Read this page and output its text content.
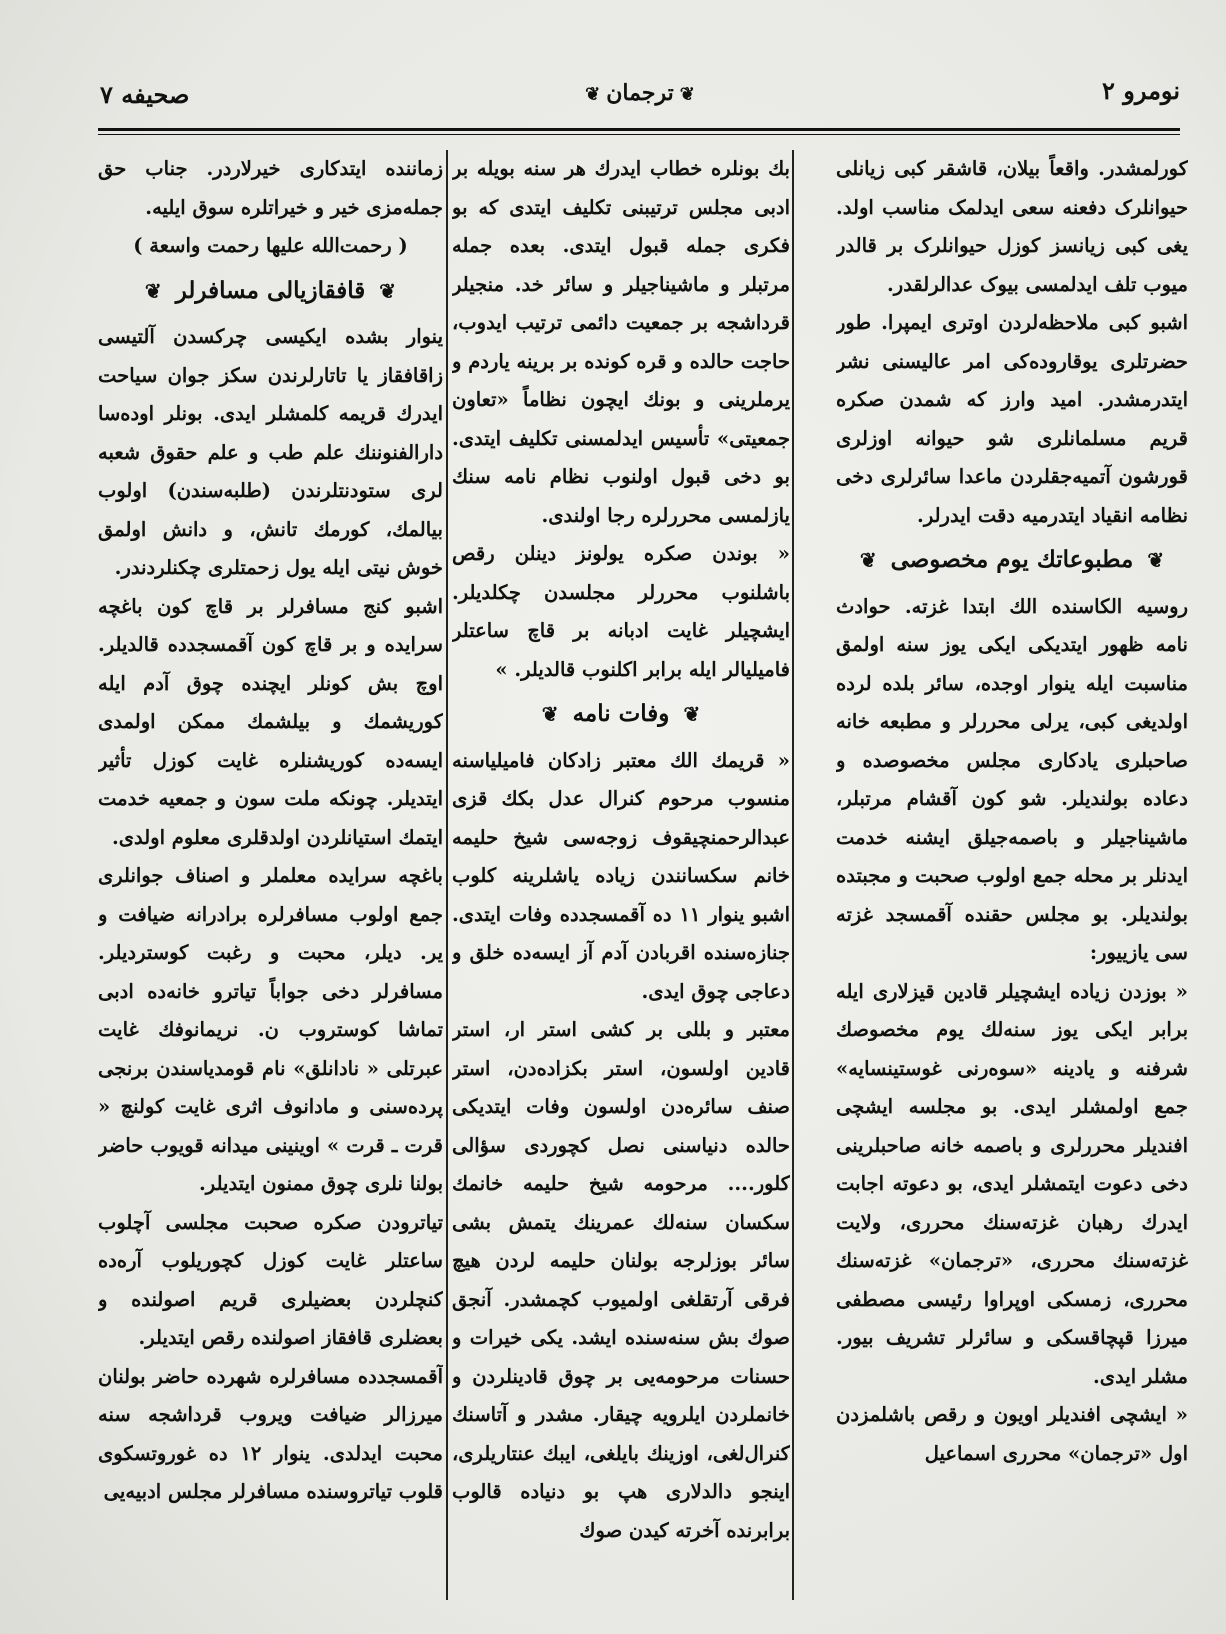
نومرو ۲
❦ترجمان❦
صحیفه ۷

کورلمشدر. واقعاً بیلان، قاشقر کبی زیانلی حیوانلرک دفعنه سعی ایدلمک مناسب اولد. یغی کبی زیانسز کوزل حیوانلرک بر قالدر میوب تلف ایدلمسی بیوک عدالرلقدر.

اشبو کبی ملاحظه‌لردن اوتری ایمپرا. طور حضرتلری یوقاروده‌کی امر عالیسنی نشر ایتدرمشدر. امید وارز که شمدن صکره قریم مسلمانلری شو حیوانه اوزلری قورشون آتمیه‌جقلردن ماعدا سائرلری دخی نظامه انقیاد ایتدرمیه دقت ایدرلر.

❦ مطبوعاتك یوم مخصوصی ❦

روسیه الکاسنده الك ابتدا غزته. حوادث نامه ظهور ایتدیکی ایکی یوز سنه اولمق مناسبت ایله ینوار اوجده، سائر بلده لرده اولدیغی کبی، یرلی محررلر و مطبعه خانه صاحبلری یادکاری مجلس مخصوصده و دعاده بولندیلر. شو کون آقشام مرتبلر، ماشیناجیلر و باصمه‌جیلق ایشنه خدمت ایدنلر بر محله جمع اولوب صحبت و مجبتده بولندیلر. بو مجلس حقنده آقمسجد غزته سی یازییور:

« بوزدن زیاده ایشچیلر قادین قیزلاری ایله برابر ایکی یوز سنه‌لك یوم مخصوصك شرفنه و یادینه «سوەرنی غوستینسایه» جمع اولمشلر ایدی. بو مجلسه ایشچی افندیلر محررلری و باصمه خانه صاحبلرینی دخی دعوت ایتمشلر ایدی، بو دعوته اجابت ایدرك رهبان غزته‌سنك محرری، ولایت غزته‌سنك محرری، «ترجمان» غزته‌سنك محرری، زمسکی اوپراوا رئیسی مصطفی میرزا قپچاقسکی و سائرلر تشریف بیور. مشلر ایدی.

« ایشچی افندیلر اویون و رقص باشلمزدن اول «ترجمان» محرری اسماعیل

بك بونلره خطاب ایدرك هر سنه بویله بر ادبی مجلس ترتیبنی تکلیف ایتدی كه بو فكری جمله قبول ایتدی. بعده جمله مرتبلر و ماشیناجیلر و سائر خد. منجیلر قرداشجه بر جمعیت دائمی ترتیب ایدوب، حاجت حالده و قره کونده بر برینه یاردم و یرملرینی و بونك ایچون نظاماً «تعاون جمعیتی» تأسیس ایدلمسنی تکلیف ایتدی. بو دخی قبول اولنوب نظام نامه سنك یازلمسی محررلره رجا اولندی.

« بوندن صکره یولونز دینلن رقص باشلنوب محررلر مجلسدن چکلدیلر. ایشچیلر غایت ادبانه بر قاچ ساعتلر فامیلیالر ایله برابر اکلنوب قالدیلر. »

❦ وفات نامه ❦

« قریمك الك معتبر زادکان فامیلیاسنه منسوب مرحوم کنرال عدل بکك قزی عبدالرحمنچیقوف زوجه‌سی شیخ حلیمه خانم سکسانندن زیاده یاشلرینه کلوب اشبو ینوار ۱۱ ده آقمسجدده وفات ایتدی. جنازه‌سنده اقربادن آدم آز ایسه‌ده خلق و دعاجی چوق ایدی.

معتبر و بللی بر کشی استر ار، استر قادین اولسون، استر بکزاده‌دن، استر صنف سائره‌دن اولسون وفات ایتدیکی حالده دنیاسنی نصل کچوردی سؤالی کلور.... مرحومه شیخ حلیمه خانمك سکسان سنه‌لك عمرینك یتمش بشی سائر بوزلرجه بولنان حلیمه لردن هیچ فرقی آرتقلغی اولمیوب کچمشدر. آنجق صوك بش سنه‌سنده ایشد. یکی خیرات و حسنات مرحومه‌یی بر چوق قادینلردن و خانملردن ایلرویه چیقار. مشدر و آتاسنك کنرال‌لغی، اوزینك بایلغی، ایبك عنتاریلری، اینجو دالدلاری هپ بو دنیاده قالوب برابرنده آخرته کیدن صوك

زماننده ایتدکاری خیرلاردر. جناب حق جمله‌مزی خیر و خیراتلره سوق ایلیه.

( رحمت‌الله علیها رحمت واسعة )

❦ قافقازیالی مسافرلر ❦

ینوار بشده ایکیسی چرکسدن آلتیسی زاقافقاز یا تاتارلرندن سکز جوان سیاحت ایدرك قریمه کلمشلر ایدی. بونلر اوده‌سا دارالفنوننك علم طب و علم حقوق شعبه لری ستودنتلرندن (طلبه‌سندن) اولوب بیالمك، کورمك تانش، و دانش اولمق خوش نیتی ایله یول زحمتلری چکنلردندر.

اشبو کنج مسافرلر بر قاچ کون باغچه سرایده و بر قاچ کون آقمسجدده قالدیلر. اوچ بش کونلر ایچنده چوق آدم ایله کوریشمك و بیلشمك ممکن اولمدی ایسه‌ده کوریشنلره غایت کوزل تأثیر ایتدیلر. چونکه ملت سون و جمعیه خدمت ایتمك استیانلردن اولدقلری معلوم اولدی.

باغچه سرایده معلملر و اصناف جوانلری جمع اولوب مسافرلره برادرانه ضیافت و یر. دیلر، محبت و رغبت کوستردیلر. مسافرلر دخی جواباً تیاترو خانه‌ده ادبی تماشا کوستروب ن. نریمانوفك غایت عبرتلی « نادانلق» نام قومدیاسندن برنجی پرده‌سنی و مادانوف اثری غایت کولنچ « قرت ـ قرت » اوینینی میدانه قویوب حاضر بولنا نلری چوق ممنون ایتدیلر.

تیاترودن صکره صحبت مجلسی آچلوب ساعتلر غایت کوزل کچوریلوب آره‌ده کنچلردن بعضیلری قریم اصولنده و بعضلری قافقاز اصولنده رقص ایتدیلر.

آقمسجدده مسافرلره شهرده حاضر بولنان میرزالر ضیافت ویروب قرداشجه سنه محبت ایدلدی. ینوار ۱۲ ده غوروتسکوی قلوب تیاتروسنده مسافرلر مجلس ادبیه‌یی
